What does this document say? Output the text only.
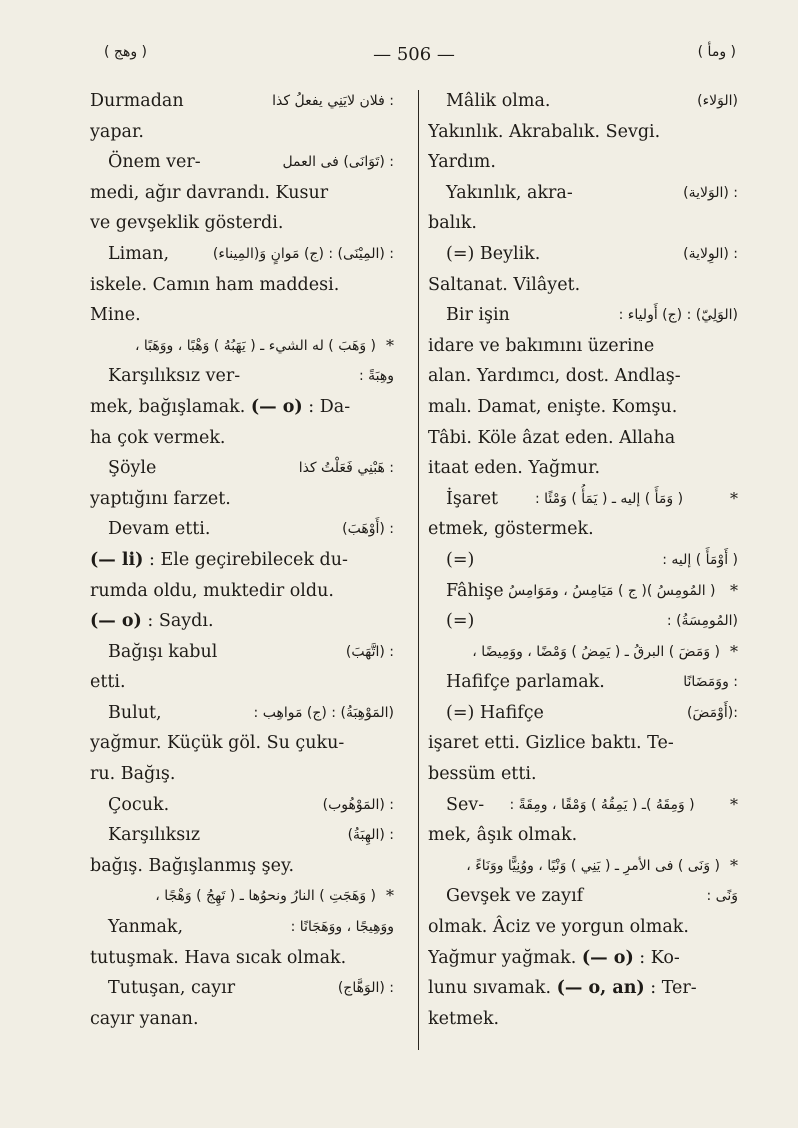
( وهج )	— 506 —	( ومأ )
Durmadan	: فلان لايَنِي يفعلُ كذا
yapar.
Önem ver-	: (تَوَانَى) فى العمل
medi, ağır davrandı. Kusur
ve gevşeklik gösterdi.
Liman,	: (المِيْنَى) : (ج) مَوانٍ وَ(المِيناء)
iskele. Camın ham maddesi.
Mine.
( وَهَبَ ) له الشيء ـ ( يَهَبُهُ ) وَهْبًا ، ووَهَبًا ، *
Karşılıksız ver-	وهِبَةً :
mek, bağışlamak. (— o) : Da-
ha çok vermek.
Şöyle	: هَبْنِي فَعَلْتُ كذا
yaptığını farzet.
Devam etti.	: (أَوْهَبَ)
(— li) : Ele geçirebilecek du-
rumda oldu, muktedir oldu.
(— o) : Saydı.
Bağışı kabul	: (اتَّهَبَ)
etti.
Bulut,	(المَوْهِبَةُ) : (ج) مَواهِب :
yağmur. Küçük göl. Su çuku-
ru. Bağış.
Çocuk.	: (المَوْهُوب)
Karşılıksız	: (الهِبَةُ)
bağış. Bağışlanmış şey.
( وَهَجَتِ ) النارُ ونحوُها ـ ( تَهِجُ ) وَهْجًا ، *
Yanmak,	ووَهِيجًا ، ووَهَجَانًا :
tutuşmak. Hava sıcak olmak.
Tutuşan, cayır	: (الوَهَّاج)
cayır yanan.
Mâlik olma.	(الوَلاء)
Yakınlık. Akrabalık. Sevgi.
Yardım.
Yakınlık, akra-	: (الوَلاية)
balık.
(=) Beylik.	: (الوِلاية)
Saltanat. Vilâyet.
Bir işin	(الوَلِيّ) : (ج) أَولياء :
idare ve bakımını üzerine
alan. Yardımcı, dost. Andlaş-
malı. Damat, enişte. Komşu.
Tâbi. Köle âzat eden. Allaha
itaat eden. Yağmur.
İşaret	( وَمَأَ ) إليه ـ ( يَمَأُ ) وَمْئًا :	*
etmek, göstermek.
(=)	( أَوْمَأَ ) إليه :
Fâhişe ( المُومِسُ )( ج ) مَيَامِسُ ، ومَوَامِسُ *
(=)	(المُومِسَةُ) :
( وَمَضَ ) البرقُ ـ ( يَمِضُ ) وَمْضًا ، ووَمِيضًا ، *
Hafifçe parlamak.	: ووَمَضَانًا
(=) Hafifçe	:(أَوْمَضَ)
işaret etti. Gizlice baktı. Te-
bessüm etti.
Sev- ( وَمِقَهُ )ـ ( يَمِقُهُ ) وَمْقًا ، ومِقَةً :	*
mek, âşık olmak.
( وَنَى ) فى الأمرِ ـ ( يَنِي ) وَنْيًا ، ووُنِيًّا ووَنَاءً ، *
Gevşek ve zayıf	وَنًى :
olmak. Âciz ve yorgun olmak.
Yağmur yağmak. (— o) : Ko-
lunu sıvamak. (— o, an) : Ter-
ketmek.
